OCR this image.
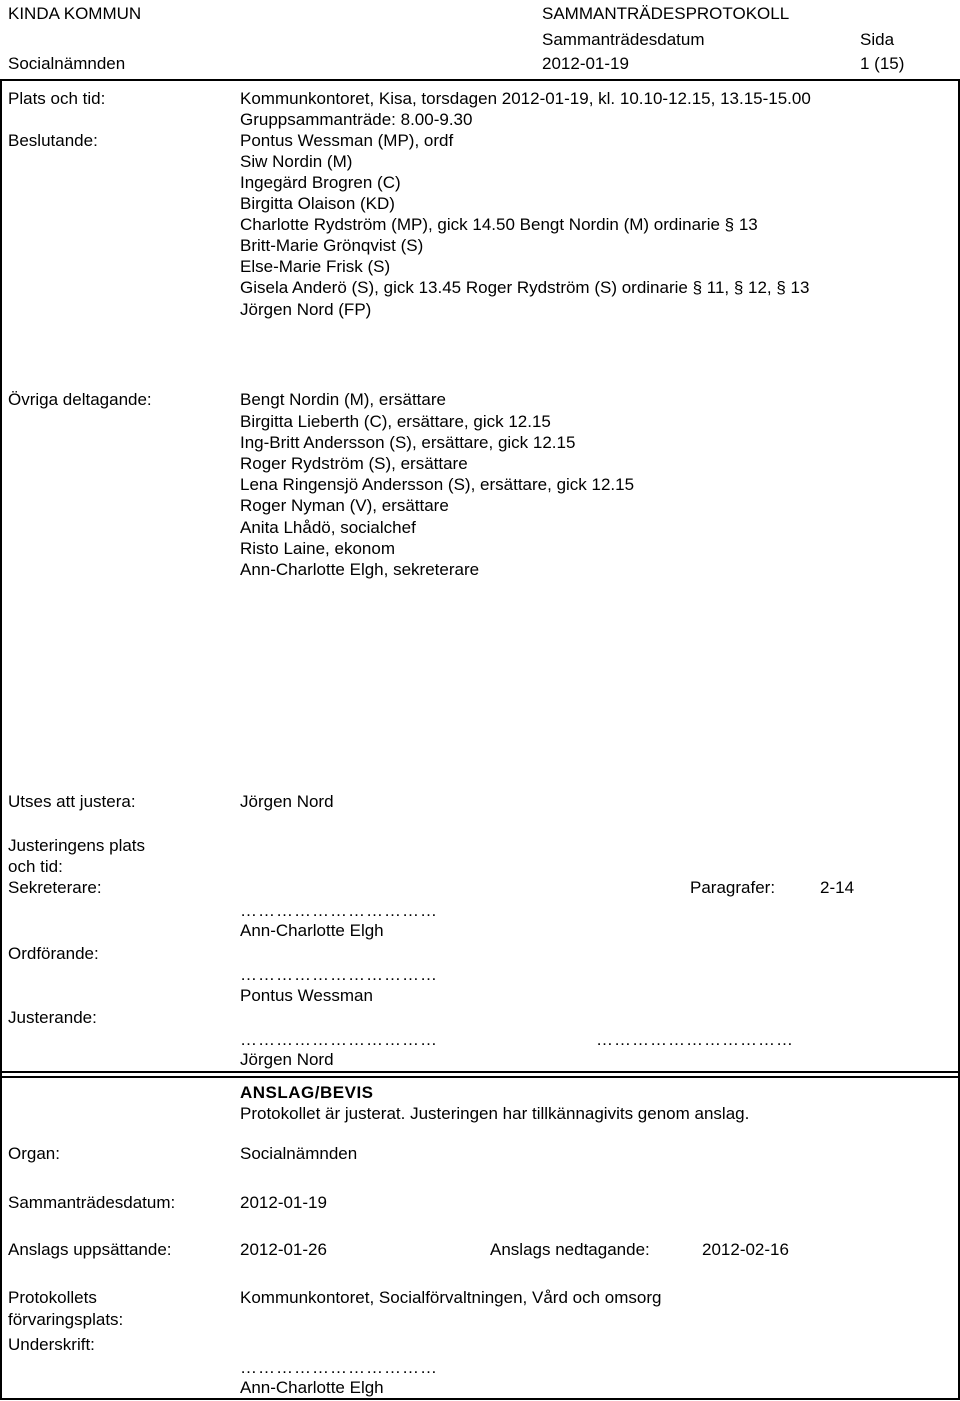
KINDA KOMMUN	SAMMANTRÄDESPROTOKOLL
Sammanträdesdatum	Sida
Socialnämnden	2012-01-19	1 (15)
Plats och tid:	Kommunkontoret, Kisa, torsdagen 2012-01-19, kl. 10.10-12.15, 13.15-15.00
Gruppsammanträde: 8.00-9.30
Beslutande:	Pontus Wessman (MP), ordf
Siw Nordin (M)
Ingegärd Brogren (C)
Birgitta Olaison (KD)
Charlotte Rydström (MP), gick 14.50 Bengt Nordin (M) ordinarie § 13
Britt-Marie Grönqvist (S)
Else-Marie Frisk (S)
Gisela Anderö (S), gick 13.45 Roger Rydström (S) ordinarie § 11, § 12, § 13
Jörgen Nord (FP)
Övriga deltagande:	Bengt Nordin (M), ersättare
Birgitta Lieberth (C), ersättare, gick 12.15
Ing-Britt Andersson (S), ersättare, gick 12.15
Roger Rydström (S), ersättare
Lena Ringensjö Andersson (S), ersättare, gick 12.15
Roger Nyman (V), ersättare
Anita Lhådö, socialchef
Risto Laine, ekonom
Ann-Charlotte Elgh, sekreterare
Utses att justera:	Jörgen Nord
Justeringens plats
och tid:
Sekreterare:	Paragrafer:	2-14
……………………………
Ann-Charlotte Elgh
Ordförande:
……………………………
Pontus Wessman
Justerande:
……………………………	……………………………
Jörgen Nord
ANSLAG/BEVIS
Protokollet är justerat. Justeringen har tillkännagivits genom anslag.
Organ:	Socialnämnden
Sammanträdesdatum:	2012-01-19
Anslags uppsättande:	2012-01-26	Anslags nedtagande:	2012-02-16
Protokollets	Kommunkontoret, Socialförvaltningen, Vård och omsorg
förvaringsplats:
Underskrift:
……………………………
Ann-Charlotte Elgh
